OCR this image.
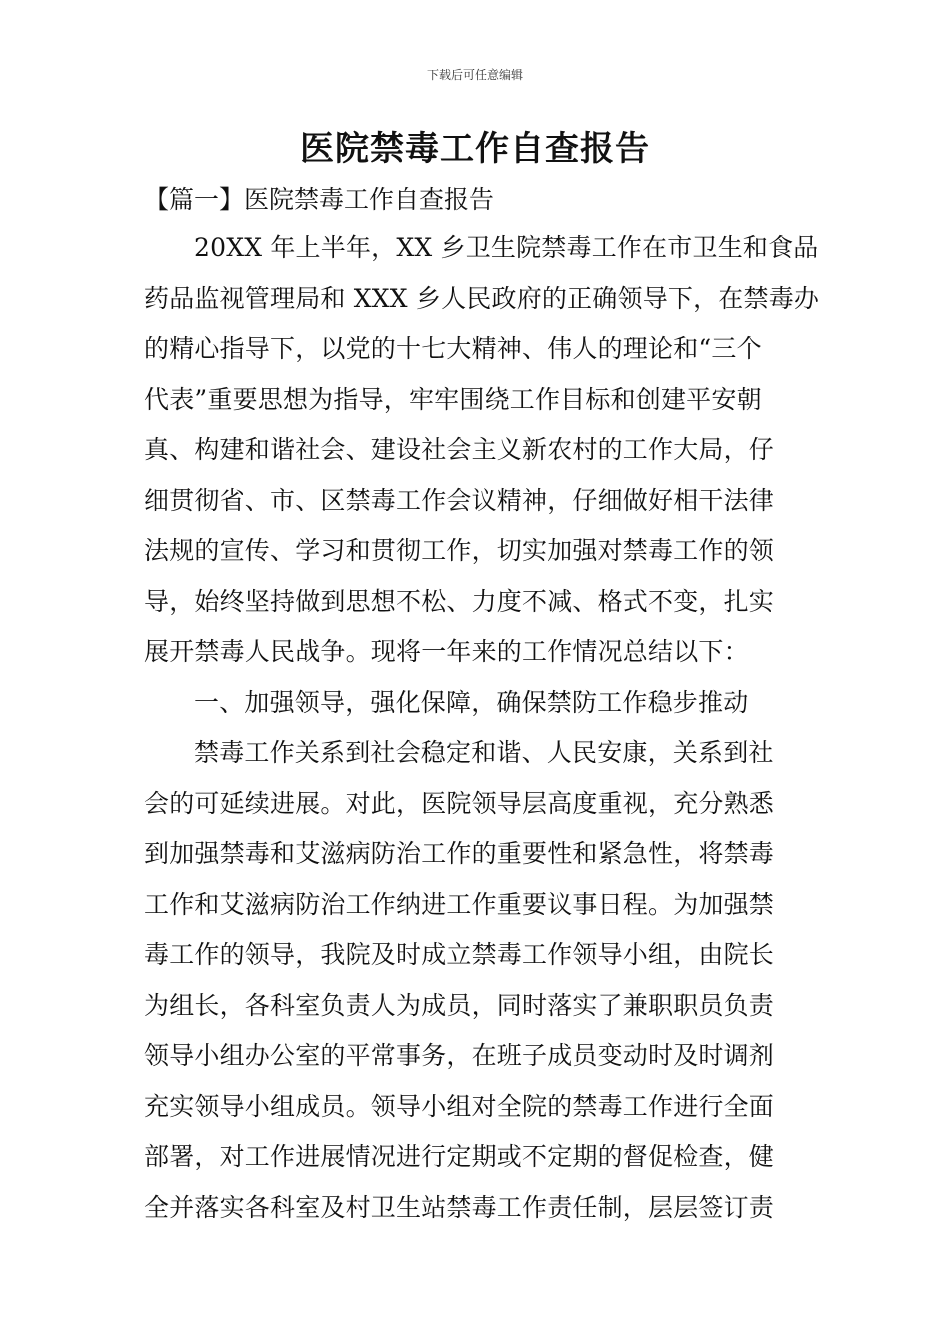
下载后可任意编辑
医院禁毒工作自查报告
【篇一】医院禁毒工作自查报告
20XX 年上半年，XX 乡卫生院禁毒工作在市卫生和食品
药品监视管理局和 XXX 乡人民政府的正确领导下，在禁毒办
的精心指导下，以党的十七大精神、伟人的理论和“三个
代表”重要思想为指导，牢牢围绕工作目标和创建平安朝
真、构建和谐社会、建设社会主义新农村的工作大局，仔
细贯彻省、市、区禁毒工作会议精神，仔细做好相干法律
法规的宣传、学习和贯彻工作，切实加强对禁毒工作的领
导，始终坚持做到思想不松、力度不减、格式不变，扎实
展开禁毒人民战争。现将一年来的工作情况总结以下：
一、加强领导，强化保障，确保禁防工作稳步推动
禁毒工作关系到社会稳定和谐、人民安康，关系到社
会的可延续进展。对此，医院领导层高度重视，充分熟悉
到加强禁毒和艾滋病防治工作的重要性和紧急性，将禁毒
工作和艾滋病防治工作纳进工作重要议事日程。为加强禁
毒工作的领导，我院及时成立禁毒工作领导小组，由院长
为组长，各科室负责人为成员，同时落实了兼职职员负责
领导小组办公室的平常事务，在班子成员变动时及时调剂
充实领导小组成员。领导小组对全院的禁毒工作进行全面
部署，对工作进展情况进行定期或不定期的督促检查，健
全并落实各科室及村卫生站禁毒工作责任制，层层签订责
